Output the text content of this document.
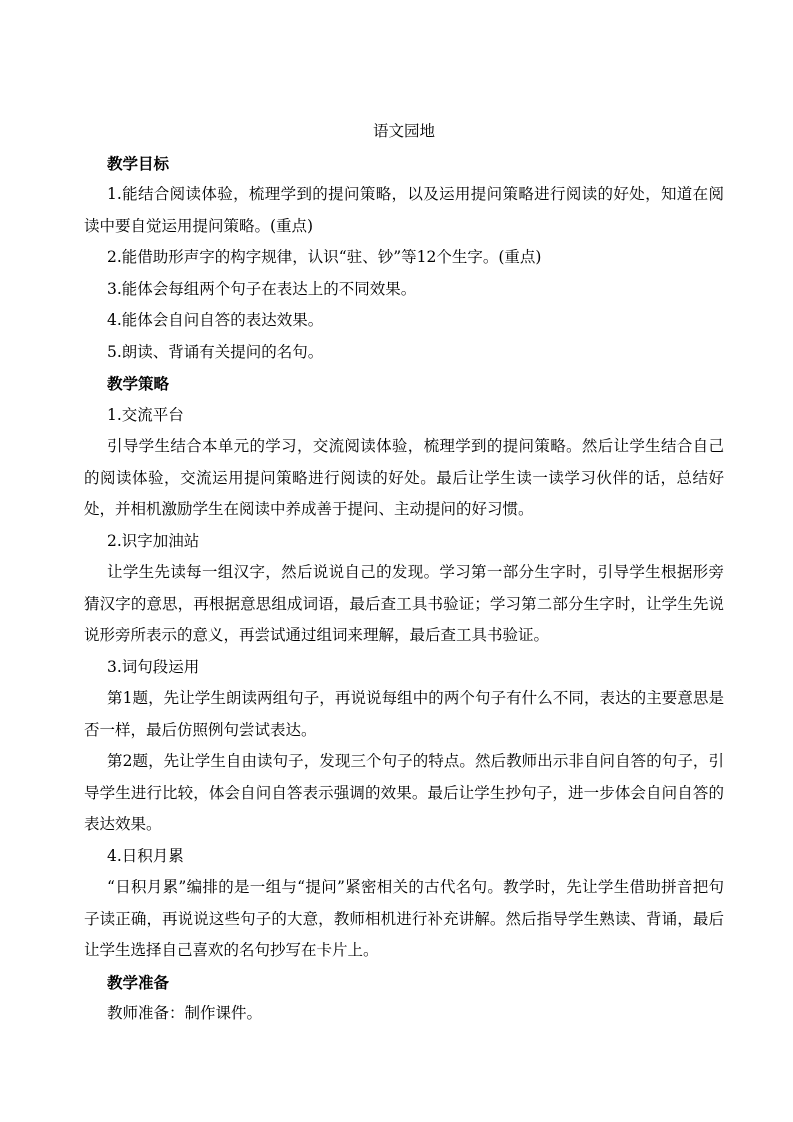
语文园地
教学目标

1.能结合阅读体验，梳理学到的提问策略，以及运用提问策略进行阅读的好处，知道在阅读中要自觉运用提问策略。(重点)

2.能借助形声字的构字规律，认识“驻、钞”等12个生字。(重点)

3.能体会每组两个句子在表达上的不同效果。

4.能体会自问自答的表达效果。

5.朗读、背诵有关提问的名句。

教学策略

1.交流平台

引导学生结合本单元的学习，交流阅读体验，梳理学到的提问策略。然后让学生结合自己的阅读体验，交流运用提问策略进行阅读的好处。最后让学生读一读学习伙伴的话，总结好处，并相机激励学生在阅读中养成善于提问、主动提问的好习惯。

2.识字加油站

让学生先读每一组汉字，然后说说自己的发现。学习第一部分生字时，引导学生根据形旁猜汉字的意思，再根据意思组成词语，最后查工具书验证；学习第二部分生字时，让学生先说说形旁所表示的意义，再尝试通过组词来理解，最后查工具书验证。

3.词句段运用

第1题，先让学生朗读两组句子，再说说每组中的两个句子有什么不同，表达的主要意思是否一样，最后仿照例句尝试表达。

第2题，先让学生自由读句子，发现三个句子的特点。然后教师出示非自问自答的句子，引导学生进行比较，体会自问自答表示强调的效果。最后让学生抄句子，进一步体会自问自答的表达效果。

4.日积月累

“日积月累”编排的是一组与“提问”紧密相关的古代名句。教学时，先让学生借助拼音把句子读正确，再说说这些句子的大意，教师相机进行补充讲解。然后指导学生熟读、背诵，最后让学生选择自己喜欢的名句抄写在卡片上。

教学准备

教师准备：制作课件。
